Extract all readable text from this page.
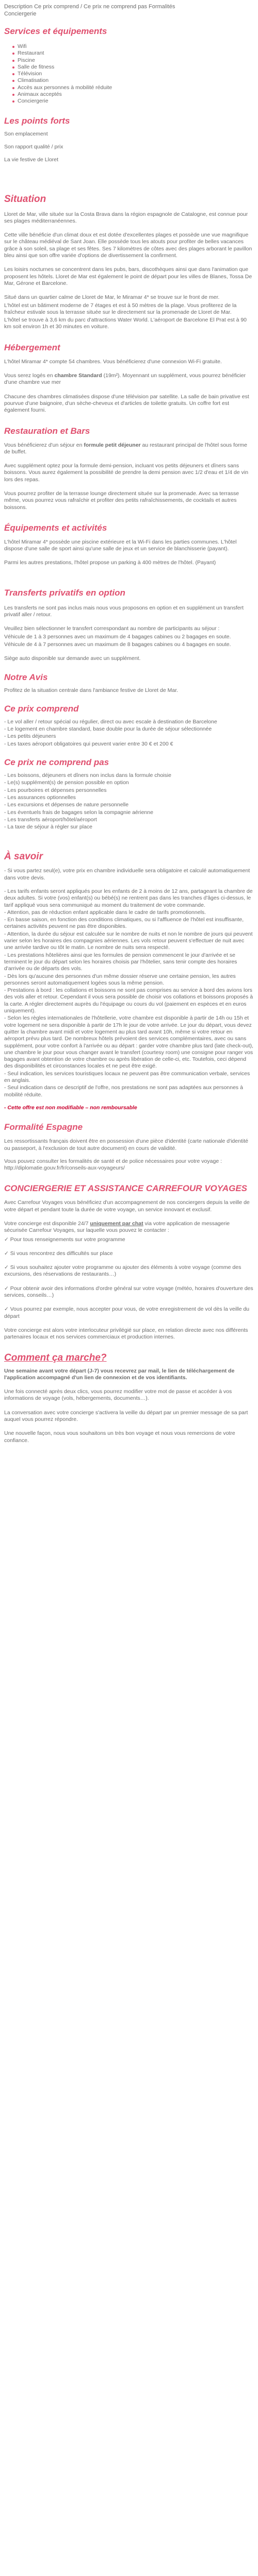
Description Ce prix comprend / Ce prix ne comprend pas Formalités
Conciergerie
Services et équipements
Wifi
Restaurant
Piscine
Salle de fitness
Télévision
Climatisation
Accès aux personnes à mobilité réduite
Animaux acceptés
Conciergerie
Les points forts

Son emplacement

Son rapport qualité / prix

La vie festive de Lloret

Situation

Lloret de Mar, ville située sur la Costa Brava dans la région espagnole de Catalogne, est connue pour ses plages méditerranéennes.

Cette ville bénéficie d'un climat doux et est dotée d'excellentes plages et possède une vue magnifique sur le château médiéval de Sant Joan. Elle possède tous les atouts pour profiter de belles vacances grâce à son soleil, sa plage et ses fêtes. Ses 7 kilomètres de côtes avec des plages arborant le pavillon bleu ainsi que son offre variée d'options de divertissement la confirment.

Les loisirs nocturnes se concentrent dans les pubs, bars, discothèques ainsi que dans l'animation que proposent les hôtels. Lloret de Mar est également le point de départ pour les villes de Blanes, Tossa De Mar, Gérone et Barcelone.

Situé dans un quartier calme de Lloret de Mar, le Miramar 4* se trouve sur le front de mer.

L'hôtel est un bâtiment moderne de 7 étages et est à 50 mètres de la plage. Vous profiterez de la fraîcheur estivale sous la terrasse située sur le directement sur la promenade de Lloret de Mar.

L'hôtel se trouve à 3,6 km du parc d'attractions Water World. L'aéroport de Barcelone El Prat est à 90 km soit environ 1h et 30 minutes en voiture.

Hébergement

L'hôtel Miramar 4* compte 54 chambres. Vous bénéficierez d'une connexion Wi-Fi gratuite.

Vous serez logés en chambre Standard (19m²). Moyennant un supplément, vous pourrez bénéficier d'une chambre vue mer

Chacune des chambres climatisées dispose d'une télévision par satellite. La salle de bain privative est pourvue d'une baignoire, d'un sèche-cheveux et d'articles de toilette gratuits. Un coffre fort est également fourni.

Restauration et Bars

Vous bénéficierez d'un séjour en formule petit déjeuner au restaurant principal de l'hôtel sous forme de buffet.

Avec supplément optez pour la formule demi-pension, incluant vos petits déjeuners et dîners sans boissons. Vous aurez également la possibilité de prendre la demi pension avec 1/2 d'eau et 1/4 de vin lors des repas.

Vous pourrez profiter de la terrasse lounge directement située sur la promenade. Avec sa terrasse même, vous pourrez vous rafraîchir et profiter des petits rafraîchissements, de cocktails et autres boissons.

Équipements et activités

L'hôtel Miramar 4* possède une piscine extérieure et la Wi-Fi dans les parties communes. L'hôtel dispose d'une salle de sport ainsi qu'une salle de jeux et un service de blanchisserie (payant).

Parmi les autres prestations, l'hôtel propose un parking à 400 mètres de l'hôtel. (Payant)

Transferts privatifs en option

Les transferts ne sont pas inclus mais nous vous proposons en option et en supplément un transfert privatif aller / retour.

Veuillez bien sélectionner le transfert correspondant au nombre de participants au séjour :

Véhicule de 1 à 3 personnes avec un maximum de 4 bagages cabines ou 2 bagages en soute.

Véhicule de 4 à 7 personnes avec un maximum de 8 bagages cabines ou 4 bagages en soute.

Siège auto disponible sur demande avec un supplément.

Notre Avis

Profitez de la situation centrale dans l'ambiance festive de Lloret de Mar.

Ce prix comprend

- Le vol aller / retour spécial ou régulier, direct ou avec escale à destination de Barcelone

- Le logement en chambre standard, base double pour la durée de séjour sélectionnée

- Les petits déjeuners

- Les taxes aéroport obligatoires qui peuvent varier entre 30 € et 200 €

Ce prix ne comprend pas

- Les boissons, déjeuners et dîners non inclus dans la formule choisie

- Le(s) supplément(s) de pension possible en option

- Les pourboires et dépenses personnelles

- Les assurances optionnelles

- Les excursions et dépenses de nature personnelle

- Les éventuels frais de bagages selon la compagnie aérienne

- Les transferts aéroport/hôtel/aéroport

- La taxe de séjour à régler sur place

À savoir

- Si vous partez seul(e), votre prix en chambre individuelle sera obligatoire et calculé automatiquement dans votre devis.

- Les tarifs enfants seront appliqués pour les enfants de 2 à moins de 12 ans, partageant la chambre de deux adultes. Si votre (vos) enfant(s) ou bébé(s) ne rentrent pas dans les tranches d'âges ci-dessus, le tarif appliqué vous sera communiqué au moment du traitement de votre commande.

- Attention, pas de réduction enfant applicable dans le cadre de tarifs promotionnels.

- En basse saison, en fonction des conditions climatiques, ou si l'affluence de l'hôtel est insuffisante, certaines activités peuvent ne pas être disponibles.

- Attention, la durée du séjour est calculée sur le nombre de nuits et non le nombre de jours qui peuvent varier selon les horaires des compagnies aériennes. Les vols retour peuvent s'effectuer de nuit avec une arrivée tardive ou tôt le matin. Le nombre de nuits sera respecté.

- Les prestations hôtelières ainsi que les formules de pension commencent le jour d'arrivée et se terminent le jour du départ selon les horaires choisis par l'hôtelier, sans tenir compte des horaires d'arrivée ou de départs des vols.

- Dès lors qu'aucune des personnes d'un même dossier réserve une certaine pension, les autres personnes seront automatiquement logées sous la même pension.

- Prestations à bord : les collations et boissons ne sont pas comprises au service à bord des avions lors des vols aller et retour. Cependant il vous sera possible de choisir vos collations et boissons proposés à la carte. A régler directement auprès du l'équipage ou cours du vol (paiement en espèces et en euros uniquement).

- Selon les règles internationales de l'hôtellerie, votre chambre est disponible à partir de 14h ou 15h et votre logement ne sera disponible à partir de 17h le jour de votre arrivée. Le jour du départ, vous devez quitter la chambre avant midi et votre logement au plus tard avant 10h, même si votre retour en aéroport prévu plus tard. De nombreux hôtels prévoient des services complémentaires, avec ou sans supplément, pour votre confort à l'arrivée ou au départ : garder votre chambre plus tard (late check-out), une chambre le jour pour vous changer avant le transfert (courtesy room) une consigne pour ranger vos bagages avant obtention de votre chambre ou après libération de celle-ci, etc. Toutefois, ceci dépend des disponibilités et circonstances locales et ne peut être exigé.

- Seul indication, les services touristiques locaux ne peuvent pas être communication verbale, services en anglais.

- Seul indication dans ce descriptif de l'offre, nos prestations ne sont pas adaptées aux personnes à mobilité réduite.

- Cette offre est non modifiable – non remboursable

Formalité Espagne

Les ressortissants français doivent être en possession d'une pièce d'identité (carte nationale d'identité ou passeport, à l'exclusion de tout autre document) en cours de validité.

Vous pouvez consulter les formalités de santé et de police nécessaires pour votre voyage : http://diplomatie.gouv.fr/fr/conseils-aux-voyageurs/

CONCIERGERIE ET ASSISTANCE CARREFOUR VOYAGES

Avec Carrefour Voyages vous bénéficiez d'un accompagnement de nos conciergers depuis la veille de votre départ et pendant toute la durée de votre voyage, un service innovant et exclusif.

Votre concierge est disponible 24/7 uniquement par chat via votre application de messagerie sécurisée Carrefour Voyages, sur laquelle vous pouvez le contacter :

✓ Pour tous renseignements sur votre programme

✓ Si vous rencontrez des difficultés sur place

✓ Si vous souhaitez ajouter votre programme ou ajouter des éléments à votre voyage (comme des excursions, des réservations de restaurants…)

✓ Pour obtenir avoir des informations d'ordre général sur votre voyage (météo, horaires d'ouverture des services, conseils…)

✓ Vous pourrez par exemple, nous accepter pour vous, de votre enregistrement de vol dès la veille du départ

Votre concierge est alors votre interlocuteur privilégié sur place, en relation directe avec nos différents partenaires locaux et nos services commerciaux et production internes.

Comment ça marche?

Une semaine avant votre départ (J-7) vous recevrez par mail, le lien de téléchargement de l'application accompagné d'un lien de connexion et de vos identifiants.

Une fois connecté après deux clics, vous pourrez modifier votre mot de passe et accéder à vos informations de voyage (vols, hébergements, documents…).

La conversation avec votre concierge s'activera la veille du départ par un premier message de sa part auquel vous pourrez répondre.

Une nouvelle façon, nous vous souhaitons un très bon voyage et nous vous remercions de votre confiance.
